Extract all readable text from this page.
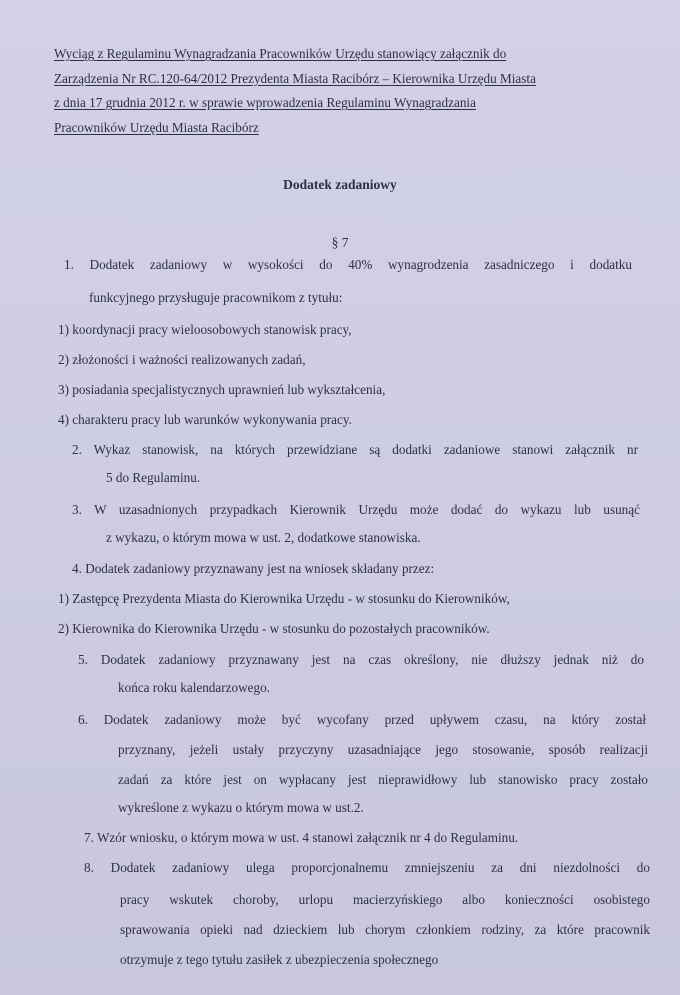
Wyciąg z Regulaminu Wynagradzania Pracowników Urzędu stanowiący załącznik do
Zarządzenia Nr RC.120-64/2012 Prezydenta Miasta Racibórz – Kierownika Urzędu Miasta
z dnia 17 grudnia 2012 r. w sprawie wprowadzenia Regulaminu Wynagradzania
Pracowników Urzędu Miasta Racibórz
Dodatek zadaniowy
§ 7
1. Dodatek zadaniowy w wysokości do 40% wynagrodzenia zasadniczego i dodatku
funkcyjnego przysługuje pracownikom z tytułu:
1) koordynacji pracy wieloosobowych stanowisk pracy,
2) złożoności i ważności realizowanych zadań,
3) posiadania specjalistycznych uprawnień lub wykształcenia,
4) charakteru pracy lub warunków wykonywania pracy.
2. Wykaz stanowisk, na których przewidziane są dodatki zadaniowe stanowi załącznik nr
5 do Regulaminu.
3. W uzasadnionych przypadkach Kierownik Urzędu może dodać do wykazu lub usunąć
z wykazu, o którym mowa w ust. 2, dodatkowe stanowiska.
4. Dodatek zadaniowy przyznawany jest na wniosek składany przez:
1) Zastępcę Prezydenta Miasta do Kierownika Urzędu - w stosunku do Kierowników,
2) Kierownika do Kierownika Urzędu - w stosunku do pozostałych pracowników.
5. Dodatek zadaniowy przyznawany jest na czas określony, nie dłuższy jednak niż do
końca roku kalendarzowego.
6. Dodatek zadaniowy może być wycofany przed upływem czasu, na który został
przyznany, jeżeli ustały przyczyny uzasadniające jego stosowanie, sposób realizacji
zadań za które jest on wypłacany jest nieprawidłowy lub stanowisko pracy zostało
wykreślone z wykazu o którym mowa w ust.2.
7. Wzór wniosku, o którym mowa w ust. 4 stanowi załącznik nr 4 do Regulaminu.
8. Dodatek zadaniowy ulega proporcjonalnemu zmniejszeniu za dni niezdolności do
pracy wskutek choroby, urlopu macierzyńskiego albo konieczności osobistego
sprawowania opieki nad dzieckiem lub chorym członkiem rodziny, za które pracownik
otrzymuje z tego tytułu zasiłek z ubezpieczenia społecznego
